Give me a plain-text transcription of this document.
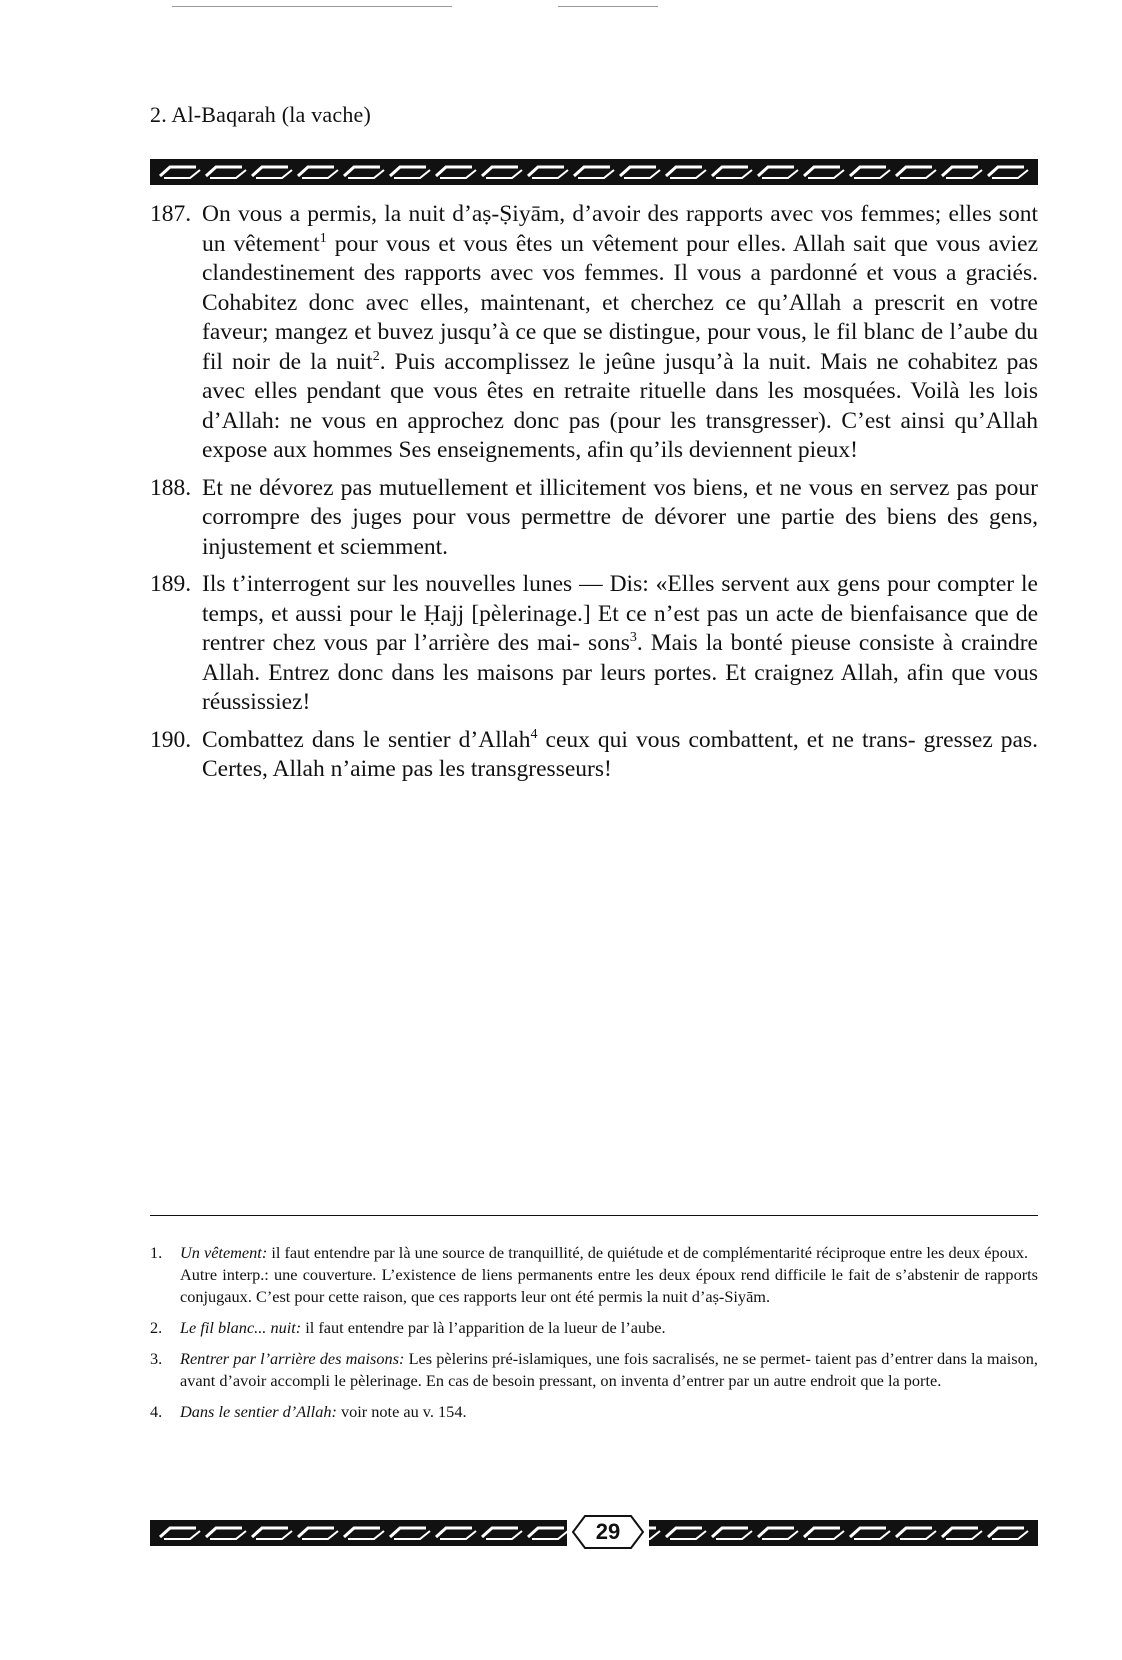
2. Al-Baqarah (la vache)
187. On vous a permis, la nuit d’aṣ-Ṣiyām, d’avoir des rapports avec vos femmes; elles sont un vêtement$^1$ pour vous et vous êtes un vêtement pour elles. Allah sait que vous aviez clandestinement des rapports avec vos femmes. Il vous a pardonné et vous a graciés. Cohabitez donc avec elles, maintenant, et cherchez ce qu’Allah a prescrit en votre faveur; mangez et buvez jusqu’à ce que se distingue, pour vous, le fil blanc de l’aube du fil noir de la nuit$^2$. Puis accomplissez le jeûne jusqu’à la nuit. Mais ne cohabitez pas avec elles pendant que vous êtes en retraite rituelle dans les mosquées. Voilà les lois d’Allah: ne vous en approchez donc pas (pour les transgresser). C’est ainsi qu’Allah expose aux hommes Ses enseignements, afin qu’ils deviennent pieux!
188. Et ne dévorez pas mutuellement et illicitement vos biens, et ne vous en servez pas pour corrompre des juges pour vous permettre de dévorer une partie des biens des gens, injustement et sciemment.
189. Ils t’interrogent sur les nouvelles lunes — Dis: «Elles servent aux gens pour compter le temps, et aussi pour le Ḥajj [pèlerinage.] Et ce n’est pas un acte de bienfaisance que de rentrer chez vous par l’arrière des mai- sons$^3$. Mais la bonté pieuse consiste à craindre Allah. Entrez donc dans les maisons par leurs portes. Et craignez Allah, afin que vous réussissiez!
190. Combattez dans le sentier d’Allah$^4$ ceux qui vous combattent, et ne trans- gressez pas. Certes, Allah n’aime pas les transgresseurs!
1. Un vêtement: il faut entendre par là une source de tranquillité, de quiétude et de complémentarité réciproque entre les deux époux.
Autre interp.: une couverture. L’existence de liens permanents entre les deux époux rend difficile le fait de s’abstenir de rapports conjugaux. C’est pour cette raison, que ces rapports leur ont été permis la nuit d’aṣ-Siyām.
2. Le fil blanc... nuit: il faut entendre par là l’apparition de la lueur de l’aube.
3. Rentrer par l’arrière des maisons: Les pèlerins pré-islamiques, une fois sacralisés, ne se permet- taient pas d’entrer dans la maison, avant d’avoir accompli le pèlerinage. En cas de besoin pressant, on inventa d’entrer par un autre endroit que la porte.
4. Dans le sentier d’Allah: voir note au v. 154.
29
